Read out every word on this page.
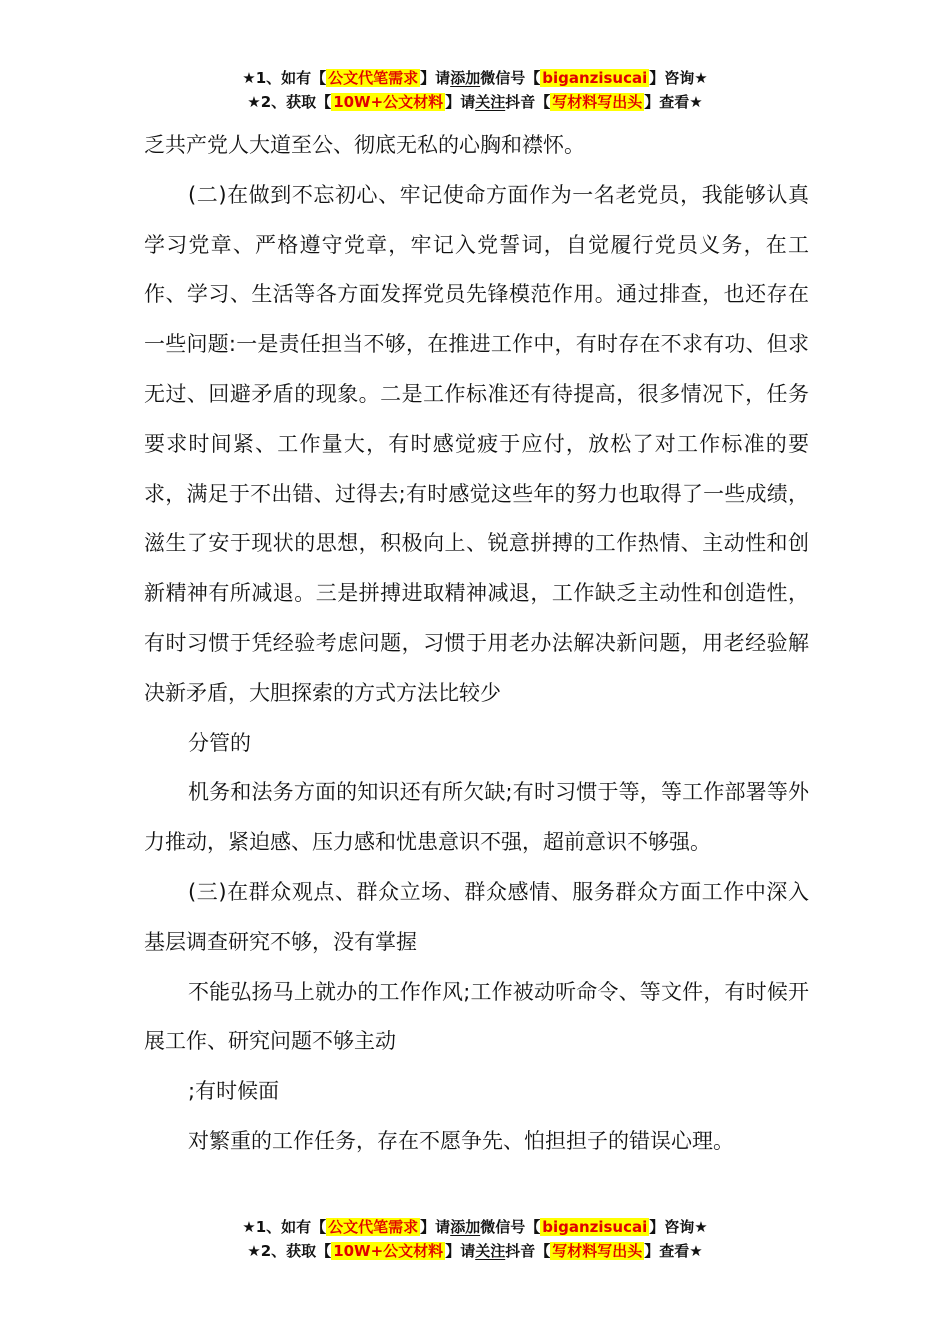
★1、如有【 公文代笔需求 】请添加微信号【 biganzisucai 】咨询★
★2、获取【 10W+公文材料 】请关注抖音【 写材料写出头 】查看★

乏共产党人大道至公、彻底无私的心胸和襟怀。

(二)在做到不忘初心、牢记使命方面作为一名老党员，我能够认真学习党章、严格遵守党章，牢记入党誓词，自觉履行党员义务，在工作、学习、生活等各方面发挥党员先锋模范作用。通过排查，也还存在一些问题:一是责任担当不够，在推进工作中，有时存在不求有功、但求无过、回避矛盾的现象。二是工作标准还有待提高，很多情况下，任务要求时间紧、工作量大，有时感觉疲于应付，放松了对工作标准的要求，满足于不出错、过得去;有时感觉这些年的努力也取得了一些成绩，滋生了安于现状的思想，积极向上、锐意拼搏的工作热情、主动性和创新精神有所减退。三是拼搏进取精神减退，工作缺乏主动性和创造性，有时习惯于凭经验考虑问题，习惯于用老办法解决新问题，用老经验解决新矛盾，大胆探索的方式方法比较少

分管的

机务和法务方面的知识还有所欠缺;有时习惯于等，等工作部署等外力推动，紧迫感、压力感和忧患意识不强，超前意识不够强。

(三)在群众观点、群众立场、群众感情、服务群众方面工作中深入基层调查研究不够，没有掌握

不能弘扬马上就办的工作作风;工作被动听命令、等文件，有时候开展工作、研究问题不够主动

;有时候面

对繁重的工作任务，存在不愿争先、怕担担子的错误心理。

★1、如有【 公文代笔需求 】请添加微信号【 biganzisucai 】咨询★
★2、获取【 10W+公文材料 】请关注抖音【 写材料写出头 】查看★
